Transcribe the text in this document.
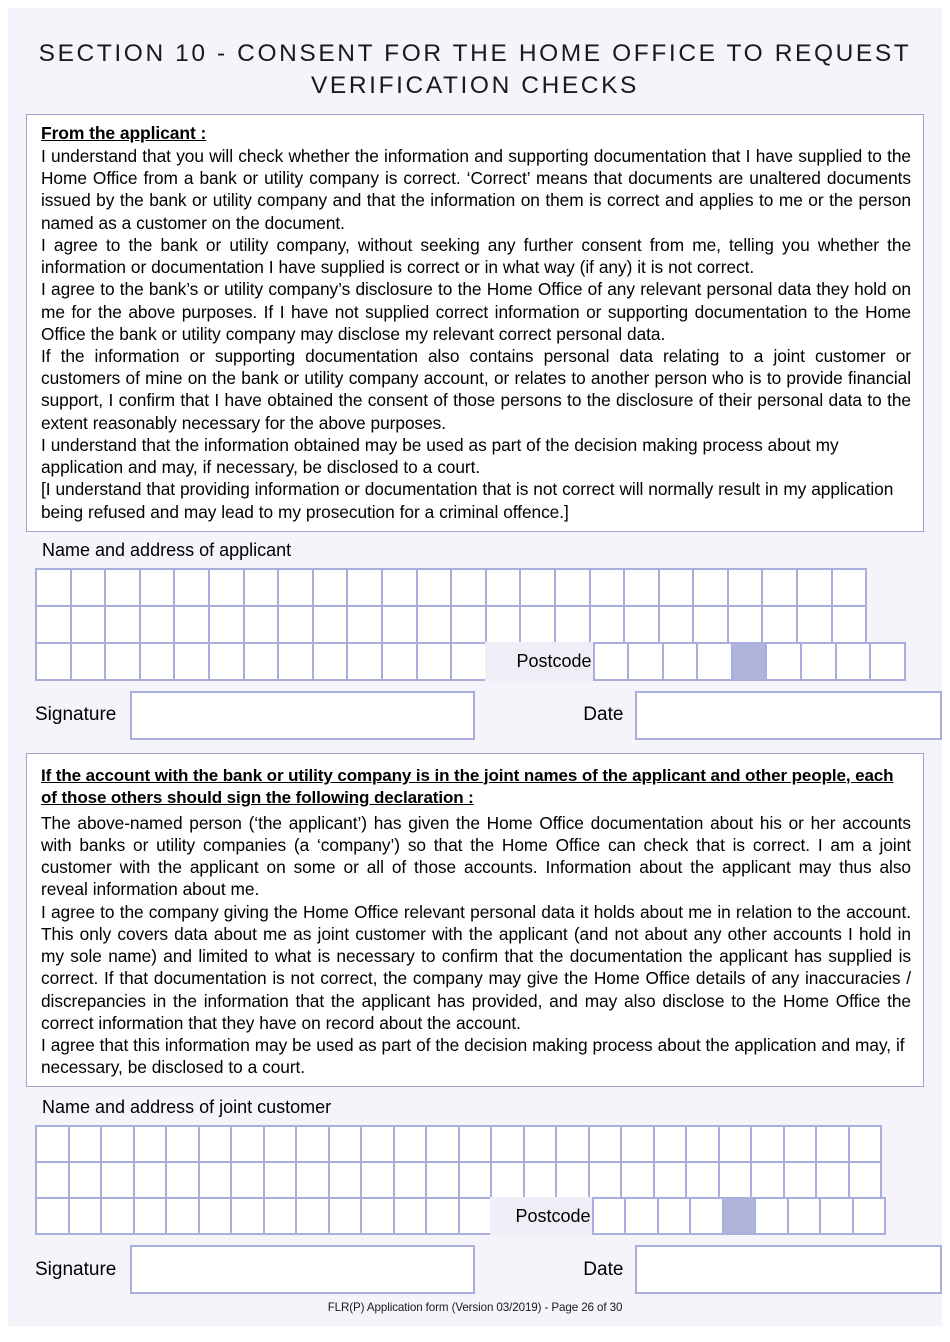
SECTION 10 - CONSENT FOR THE HOME OFFICE TO REQUEST VERIFICATION CHECKS
From the applicant :

I understand that you will check whether the information and supporting documentation that I have supplied to the Home Office from a bank or utility company is correct. ‘Correct’ means that documents are unaltered documents issued by the bank or utility company and that the information on them is correct and applies to me or the person named as a customer on the document.

I agree to the bank or utility company, without seeking any further consent from me, telling you whether the information or documentation I have supplied is correct or in what way (if any) it is not correct.

I agree to the bank’s or utility company’s disclosure to the Home Office of any relevant personal data they hold on me for the above purposes. If I have not supplied correct information or supporting documentation to the Home Office the bank or utility company may disclose my relevant correct personal data.

If the information or supporting documentation also contains personal data relating to a joint customer or customers of mine on the bank or utility company account, or relates to another person who is to provide financial support, I confirm that I have obtained the consent of those persons to the disclosure of their personal data to the extent reasonably necessary for the above purposes.

I understand that the information obtained may be used as part of the decision making process about my application and may, if necessary, be disclosed to a court.

[I understand that providing information or documentation that is not correct will normally result in my application being refused and may lead to my prosecution for a criminal offence.]

Name and address of applicant
Postcode
Signature	Date
If the account with the bank or utility company is in the joint names of the applicant and other people, each of those others should sign the following declaration :

The above-named person (‘the applicant’) has given the Home Office documentation about his or her accounts with banks or utility companies (a ‘company’) so that the Home Office can check that is correct. I am a joint customer with the applicant on some or all of those accounts. Information about the applicant may thus also reveal information about me.

I agree to the company giving the Home Office relevant personal data it holds about me in relation to the account. This only covers data about me as joint customer with the applicant (and not about any other accounts I hold in my sole name) and limited to what is necessary to confirm that the documentation the applicant has supplied is correct. If that documentation is not correct, the company may give the Home Office details of any inaccuracies / discrepancies in the information that the applicant has provided, and may also disclose to the Home Office the correct information that they have on record about the account.

I agree that this information may be used as part of the decision making process about the application and may, if necessary, be disclosed to a court.

Name and address of joint customer
Postcode
Signature	Date
FLR(P) Application form (Version 03/2019) - Page 26 of 30
